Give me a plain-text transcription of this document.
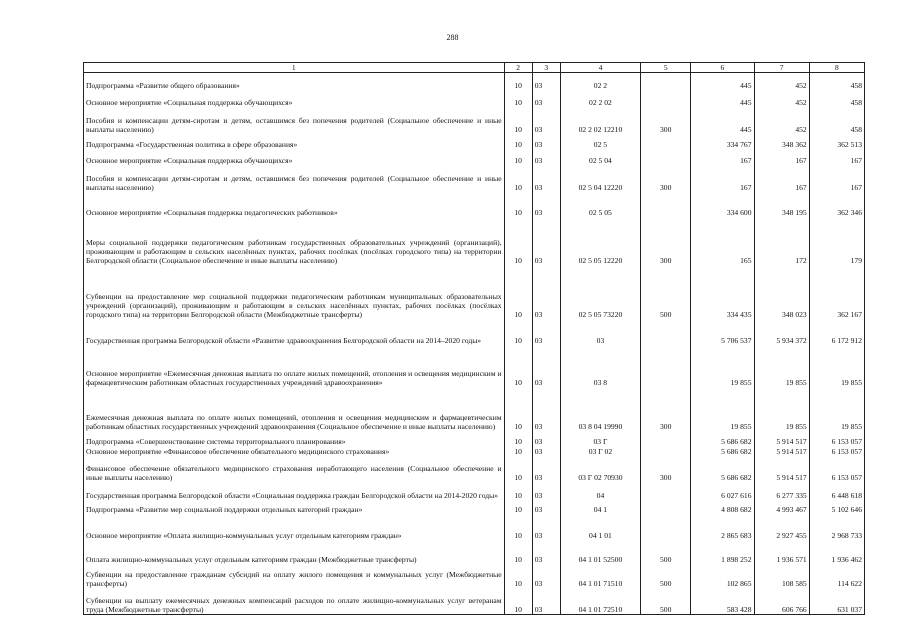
288
1	2	3	4	5	6	7	8
Подпрограмма «Развитие общего образования»	10	03	02 2		445	452	458
Основное мероприятие «Социальная поддержка обучающихся»	10	03	02 2 02		445	452	458
Пособия и компенсации детям-сиротам и детям, оставшимся без попечения родителей (Социальное обеспечение и иные выплаты населению)	10	03	02 2 02 12210	300	445	452	458
Подпрограмма «Государственная политика в сфере образования»	10	03	02 5		334 767	348 362	362 513
Основное мероприятие «Социальная поддержка обучающихся»	10	03	02 5 04		167	167	167
Пособия и компенсации детям-сиротам и детям, оставшимся без попечения родителей (Социальное обеспечение и иные выплаты населению)	10	03	02 5 04 12220	300	167	167	167
Основное мероприятие «Социальная поддержка педагогических работников»	10	03	02 5 05		334 600	348 195	362 346
Меры социальной поддержки педагогическим работникам государственных образовательных учреждений (организаций), проживающим и работающим в сельских населённых пунктах, рабочих посёлках (посёлках городского типа) на территории Белгородской области (Социальное обеспечение и иные выплаты населению)	10	03	02 5 05 12220	300	165	172	179
Субвенции на предоставление мер социальной поддержки педагогическим работникам муниципальных образовательных учреждений (организаций), проживающим и работающим в сельских населённых пунктах, рабочих посёлках (посёлках городского типа) на территории Белгородской области (Межбюджетные трансферты)	10	03	02 5 05 73220	500	334 435	348 023	362 167
Государственная программа Белгородской области «Развитие здравоохранения Белгородской области на 2014–2020 годы»	10	03	03		5 706 537	5 934 372	6 172 912
Основное мероприятие «Ежемесячная денежная выплата по оплате жилых помещений, отопления и освещения медицинским и фармацевтическим работникам областных государственных учреждений здравоохранения»	10	03	03 8		19 855	19 855	19 855
Ежемесячная денежная выплата по оплате жилых помещений, отопления и освещения медицинским и фармацевтическим работникам областных государственных учреждений здравоохранения (Социальное обеспечение и иные выплаты населению)	10	03	03 8 04 19990	300	19 855	19 855	19 855
Подпрограмма «Совершенствование системы территориального планирования»	10	03	03 Г		5 686 682	5 914 517	6 153 057
Основное мероприятие «Финансовое обеспечение обязательного медицинского страхования»	10	03	03 Г 02		5 686 682	5 914 517	6 153 057
Финансовое обеспечение обязательного медицинского страхования неработающего населения (Социальное обеспечение и иные выплаты населению)	10	03	03 Г 02 70930	300	5 686 682	5 914 517	6 153 057
Государственная программа Белгородской области «Социальная поддержка граждан Белгородской области на 2014-2020 годы»	10	03	04		6 027 616	6 277 335	6 448 618
Подпрограмма «Развитие мер социальной поддержки отдельных категорий граждан»	10	03	04 1		4 808 682	4 993 467	5 102 646
Основное мероприятие «Оплата жилищно-коммунальных услуг отдельным категориям граждан»	10	03	04 1 01		2 865 683	2 927 455	2 968 733
Оплата жилищно-коммунальных услуг отдельным категориям граждан (Межбюджетные трансферты)	10	03	04 1 01 52500	500	1 898 252	1 936 571	1 936 462
Субвенции на предоставление гражданам субсидий на оплату жилого помещения и коммунальных услуг (Межбюджетные трансферты)	10	03	04 1 01 71510	500	102 865	108 585	114 622
Субвенции на выплату ежемесячных денежных компенсаций расходов по оплате жилищно-коммунальных услуг ветеранам труда (Межбюджетные трансферты)	10	03	04 1 01 72510	500	583 428	606 766	631 037
